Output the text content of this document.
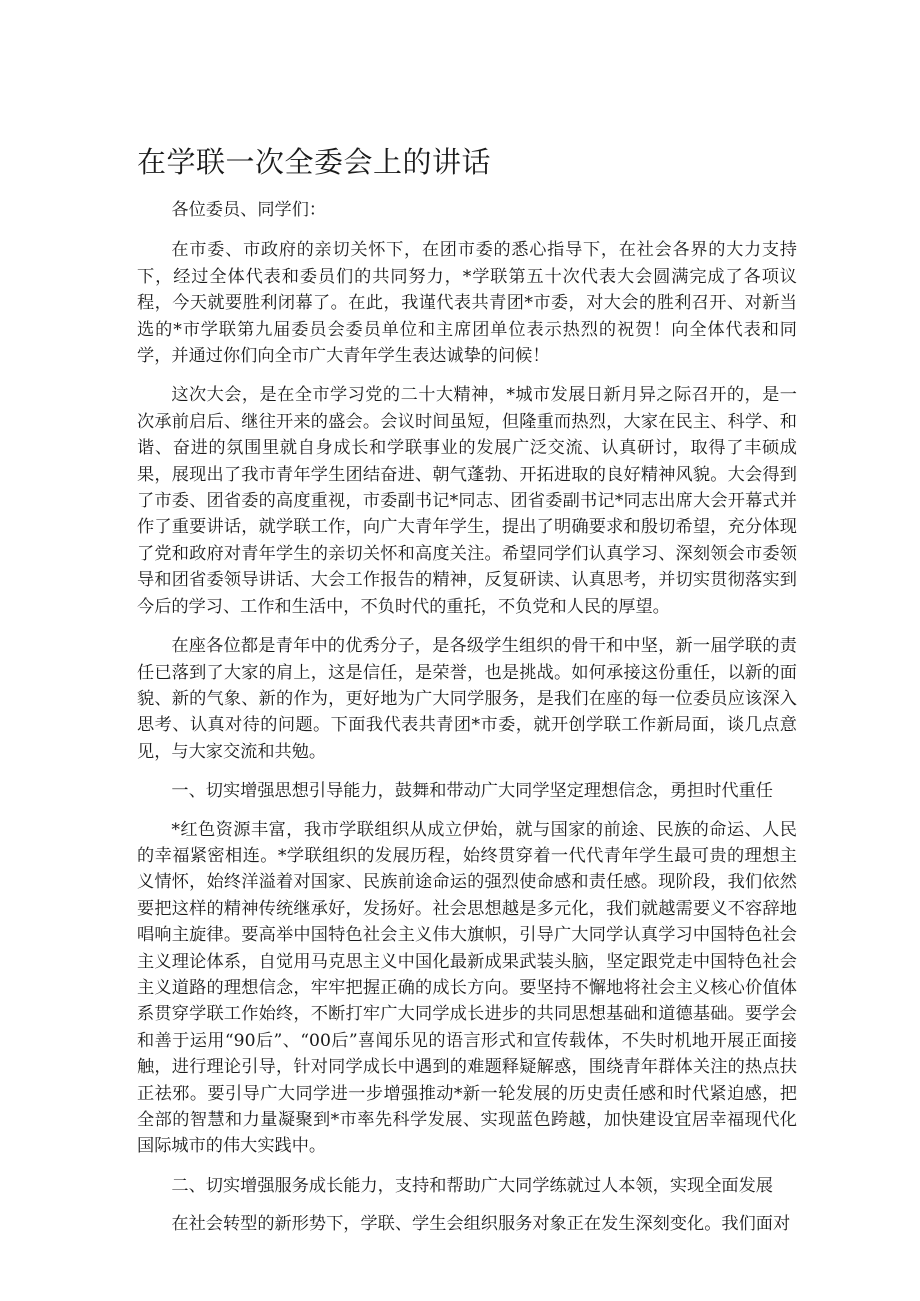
在学联一次全委会上的讲话

各位委员、同学们：

在市委、市政府的亲切关怀下，在团市委的悉心指导下，在社会各界的大力支持下，经过全体代表和委员们的共同努力，*学联第五十次代表大会圆满完成了各项议程，今天就要胜利闭幕了。在此，我谨代表共青团*市委，对大会的胜利召开、对新当选的*市学联第九届委员会委员单位和主席团单位表示热烈的祝贺！向全体代表和同学，并通过你们向全市广大青年学生表达诚挚的问候！

这次大会，是在全市学习党的二十大精神，*城市发展日新月异之际召开的，是一次承前启后、继往开来的盛会。会议时间虽短，但隆重而热烈，大家在民主、科学、和谐、奋进的氛围里就自身成长和学联事业的发展广泛交流、认真研讨，取得了丰硕成果，展现出了我市青年学生团结奋进、朝气蓬勃、开拓进取的良好精神风貌。大会得到了市委、团省委的高度重视，市委副书记*同志、团省委副书记*同志出席大会开幕式并作了重要讲话，就学联工作，向广大青年学生，提出了明确要求和殷切希望，充分体现了党和政府对青年学生的亲切关怀和高度关注。希望同学们认真学习、深刻领会市委领导和团省委领导讲话、大会工作报告的精神，反复研读、认真思考，并切实贯彻落实到今后的学习、工作和生活中，不负时代的重托，不负党和人民的厚望。

在座各位都是青年中的优秀分子，是各级学生组织的骨干和中坚，新一届学联的责任已落到了大家的肩上，这是信任，是荣誉，也是挑战。如何承接这份重任，以新的面貌、新的气象、新的作为，更好地为广大同学服务，是我们在座的每一位委员应该深入思考、认真对待的问题。下面我代表共青团*市委，就开创学联工作新局面，谈几点意见，与大家交流和共勉。

一、切实增强思想引导能力，鼓舞和带动广大同学坚定理想信念，勇担时代重任

*红色资源丰富，我市学联组织从成立伊始，就与国家的前途、民族的命运、人民的幸福紧密相连。*学联组织的发展历程，始终贯穿着一代代青年学生最可贵的理想主义情怀，始终洋溢着对国家、民族前途命运的强烈使命感和责任感。现阶段，我们依然要把这样的精神传统继承好，发扬好。社会思想越是多元化，我们就越需要义不容辞地唱响主旋律。要高举中国特色社会主义伟大旗帜，引导广大同学认真学习中国特色社会主义理论体系，自觉用马克思主义中国化最新成果武装头脑，坚定跟党走中国特色社会主义道路的理想信念，牢牢把握正确的成长方向。要坚持不懈地将社会主义核心价值体系贯穿学联工作始终，不断打牢广大同学成长进步的共同思想基础和道德基础。要学会和善于运用“90后”、“00后”喜闻乐见的语言形式和宣传载体，不失时机地开展正面接触，进行理论引导，针对同学成长中遇到的难题释疑解惑，围绕青年群体关注的热点扶正祛邪。要引导广大同学进一步增强推动*新一轮发展的历史责任感和时代紧迫感，把全部的智慧和力量凝聚到*市率先科学发展、实现蓝色跨越，加快建设宜居幸福现代化国际城市的伟大实践中。

二、切实增强服务成长能力，支持和帮助广大同学练就过人本领，实现全面发展

在社会转型的新形势下，学联、学生会组织服务对象正在发生深刻变化。我们面对
